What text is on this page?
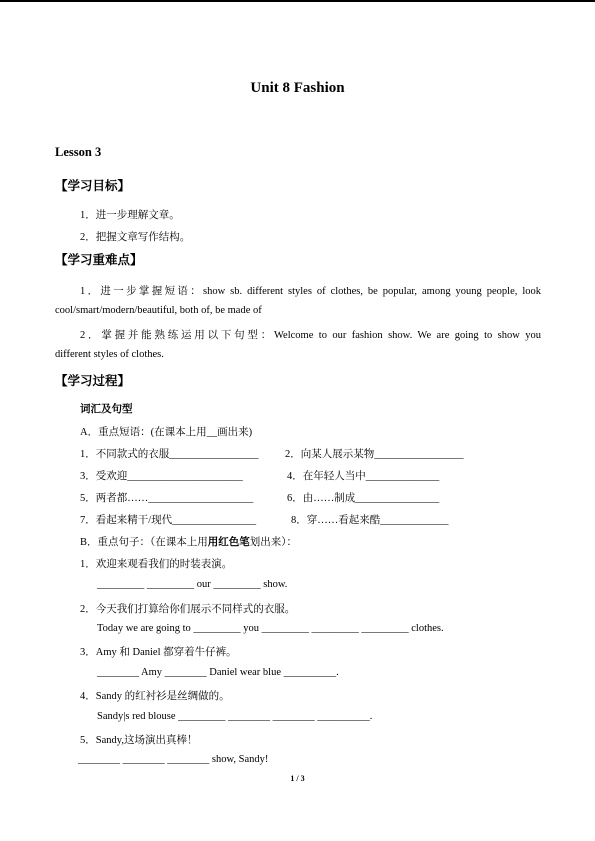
Unit 8 Fashion
Lesson 3
【学习目标】
1．进一步理解文章。
2．把握文章写作结构。
【学习重难点】
1．进一步掌握短语：show sb. different styles of clothes, be popular, among young people, look
cool/smart/modern/beautiful, both of, be made of
2．掌握并能熟练运用以下句型：Welcome to our fashion show. We are going to show you
different styles of clothes.
【学习过程】
词汇及句型
A．重点短语：(在课本上用__画出来)
1．不同款式的衣服_________________	2．向某人展示某物_________________
3．受欢迎______________________	4．在年轻人当中______________
5．两者都……____________________	6．由……制成________________
7．看起来精干/现代________________	8．穿……看起来酷_____________
B．重点句子：（在课本上用用红色笔划出来）：
1．欢迎来观看我们的时装表演。
_________ _________ our _________ show.
2．今天我们打算给你们展示不同样式的衣服。
Today we are going to _________ you _________ _________ _________ clothes.
3．Amy 和 Daniel 都穿着牛仔裤。
________ Amy ________ Daniel wear blue __________.
4．Sandy 的红衬衫是丝绸做的。
Sandy|s red blouse _________ ________ ________ __________.
5．Sandy,这场演出真棒！
________ ________ ________ show, Sandy!
1 / 3
